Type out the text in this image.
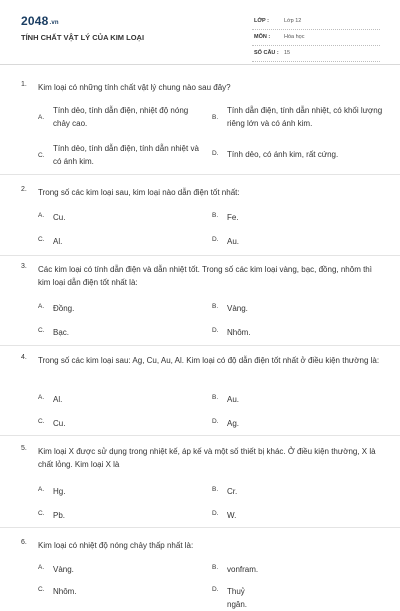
2048.vn
TÍNH CHẤT VẬT LÝ CỦA KIM LOẠI
LỚP :	Lớp 12
MÔN :	Hóa học
SỐ CÂU : 15
1. Kim loại có những tính chất vật lý chung nào sau đây?
A.
Tính dẻo, tính dẫn điện, nhiệt độ nóng chảy cao.
B.
Tính dẫn điện, tính dẫn nhiệt, có khối lượng riêng lớn và có ánh kim.
C.
Tính dẻo, tính dẫn điện, tính dẫn nhiệt và có ánh kim.
D. Tính dẻo, có ánh kim, rất cứng.
2. Trong số các kim loại sau, kim loại nào dẫn điện tốt nhất:
A. Cu.	B. Fe.
C. Al.	D. Au.
3. Các kim loại có tính dẫn điện và dẫn nhiệt tốt. Trong số các kim loại vàng, bạc, đồng, nhôm thì kim loại dẫn điện tốt nhất là:
A. Đồng.	B. Vàng.
C. Bạc.	D. Nhôm.
4. Trong số các kim loại sau: Ag, Cu, Au, Al. Kim loại có độ dẫn điện tốt nhất ở điều kiện thường là:
A. Al.	B. Au.
C. Cu.	D. Ag.
5. Kim loại X được sử dụng trong nhiệt kế, áp kế và một số thiết bị khác. Ở điều kiện thường, X là chất lỏng. Kim loại X là
A. Hg.	B. Cr.
C. Pb.	D. W.
6. Kim loại có nhiệt độ nóng chảy thấp nhất là:
A. Vàng.	B. vonfram.
C. Nhôm.	D. Thuỷ ngân.
